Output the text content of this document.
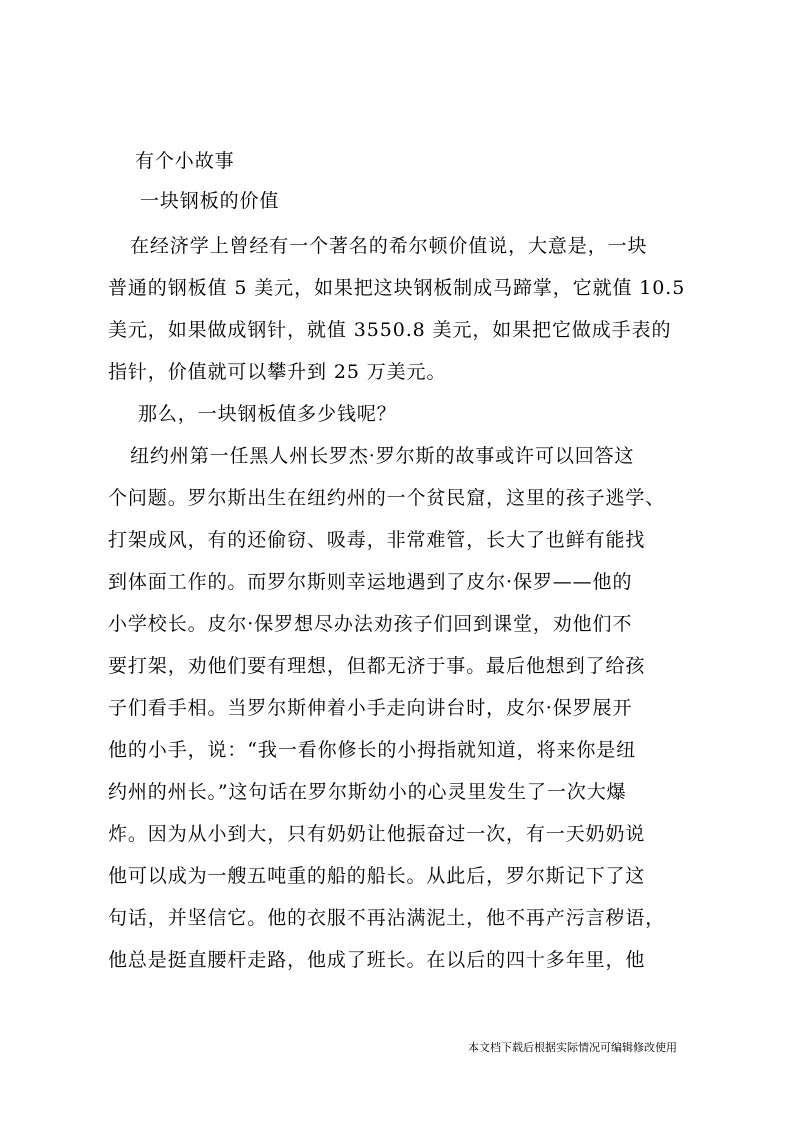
有个小故事
一块钢板的价值
在经济学上曾经有一个著名的希尔顿价值说，大意是，一块
普通的钢板值 5 美元，如果把这块钢板制成马蹄掌，它就值 10.5
美元，如果做成钢针，就值 3550.8 美元，如果把它做成手表的
指针，价值就可以攀升到 25 万美元。
那么，一块钢板值多少钱呢？
纽约州第一任黑人州长罗杰·罗尔斯的故事或许可以回答这
个问题。罗尔斯出生在纽约州的一个贫民窟，这里的孩子逃学、
打架成风，有的还偷窃、吸毒，非常难管，长大了也鲜有能找
到体面工作的。而罗尔斯则幸运地遇到了皮尔·保罗——他的
小学校长。皮尔·保罗想尽办法劝孩子们回到课堂，劝他们不
要打架，劝他们要有理想，但都无济于事。最后他想到了给孩
子们看手相。当罗尔斯伸着小手走向讲台时，皮尔·保罗展开
他的小手，说：“我一看你修长的小拇指就知道，将来你是纽
约州的州长。”这句话在罗尔斯幼小的心灵里发生了一次大爆
炸。因为从小到大，只有奶奶让他振奋过一次，有一天奶奶说
他可以成为一艘五吨重的船的船长。从此后，罗尔斯记下了这
句话，并坚信它。他的衣服不再沾满泥土，他不再产污言秽语，
他总是挺直腰杆走路，他成了班长。在以后的四十多年里，他
本文档下载后根据实际情况可编辑修改使用
